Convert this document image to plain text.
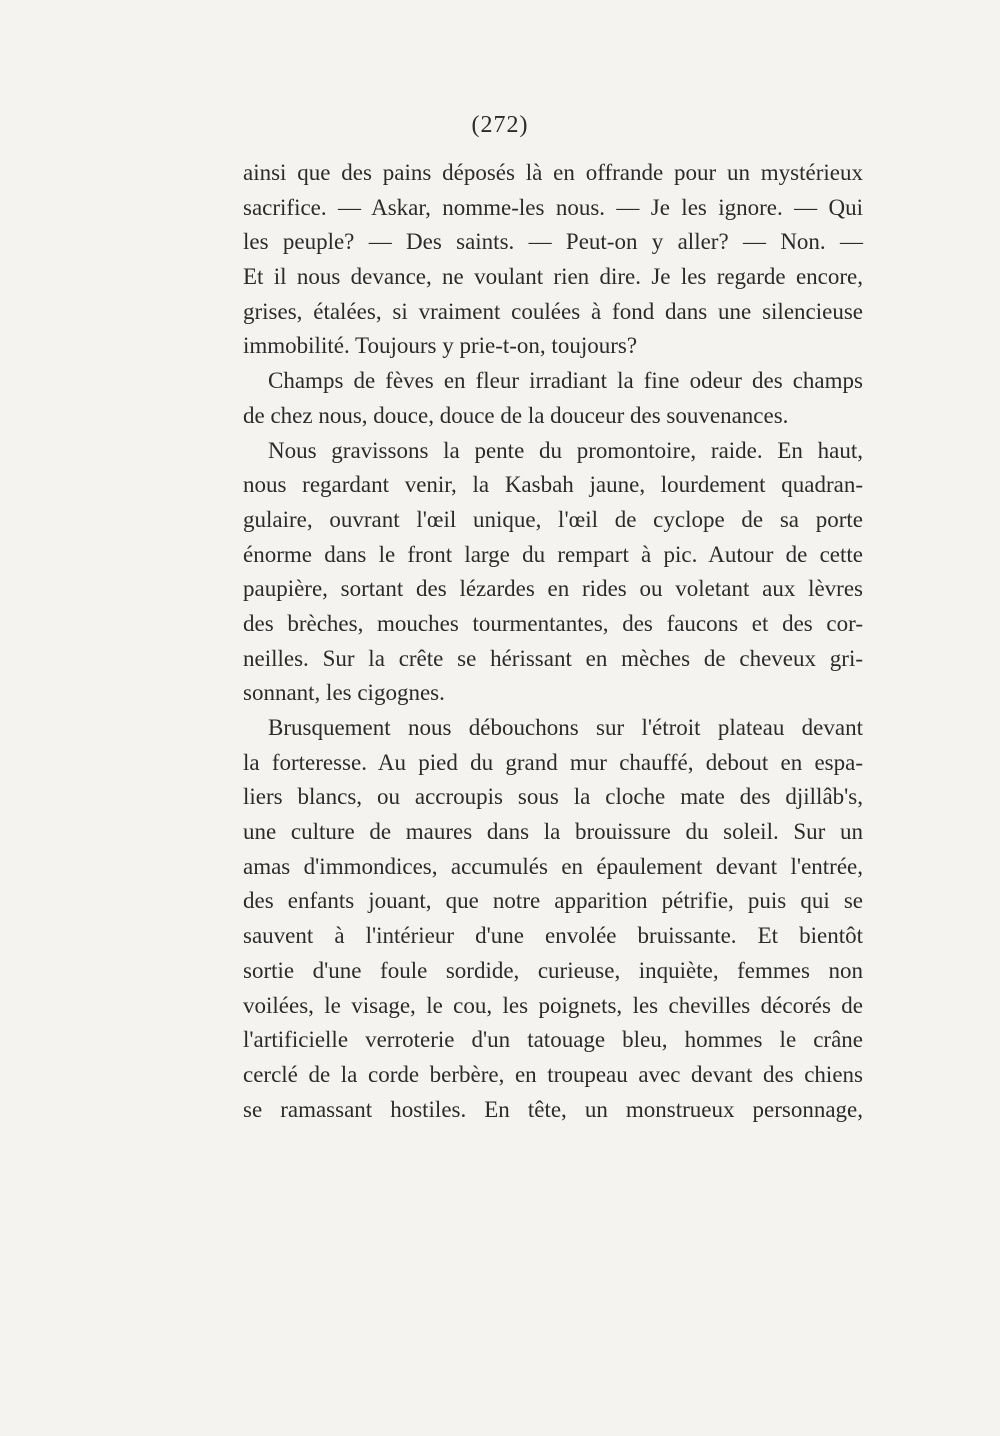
(272)
ainsi que des pains déposés là en offrande pour un mystérieux
sacrifice. — Askar, nomme-les nous. — Je les ignore. — Qui
les peuple? — Des saints. — Peut-on y aller? — Non. —
Et il nous devance, ne voulant rien dire. Je les regarde encore,
grises, étalées, si vraiment coulées à fond dans une silencieuse
immobilité. Toujours y prie-t-on, toujours?
Champs de fèves en fleur irradiant la fine odeur des champs
de chez nous, douce, douce de la douceur des souvenances.
Nous gravissons la pente du promontoire, raide. En haut,
nous regardant venir, la Kasbah jaune, lourdement quadran-
gulaire, ouvrant l'œil unique, l'œil de cyclope de sa porte
énorme dans le front large du rempart à pic. Autour de cette
paupière, sortant des lézardes en rides ou voletant aux lèvres
des brèches, mouches tourmentantes, des faucons et des cor-
neilles. Sur la crête se hérissant en mèches de cheveux gri-
sonnant, les cigognes.
Brusquement nous débouchons sur l'étroit plateau devant
la forteresse. Au pied du grand mur chauffé, debout en espa-
liers blancs, ou accroupis sous la cloche mate des djillâb's,
une culture de maures dans la brouissure du soleil. Sur un
amas d'immondices, accumulés en épaulement devant l'entrée,
des enfants jouant, que notre apparition pétrifie, puis qui se
sauvent à l'intérieur d'une envolée bruissante. Et bientôt
sortie d'une foule sordide, curieuse, inquiète, femmes non
voilées, le visage, le cou, les poignets, les chevilles décorés de
l'artificielle verroterie d'un tatouage bleu, hommes le crâne
cerclé de la corde berbère, en troupeau avec devant des chiens
se ramassant hostiles. En tête, un monstrueux personnage,
